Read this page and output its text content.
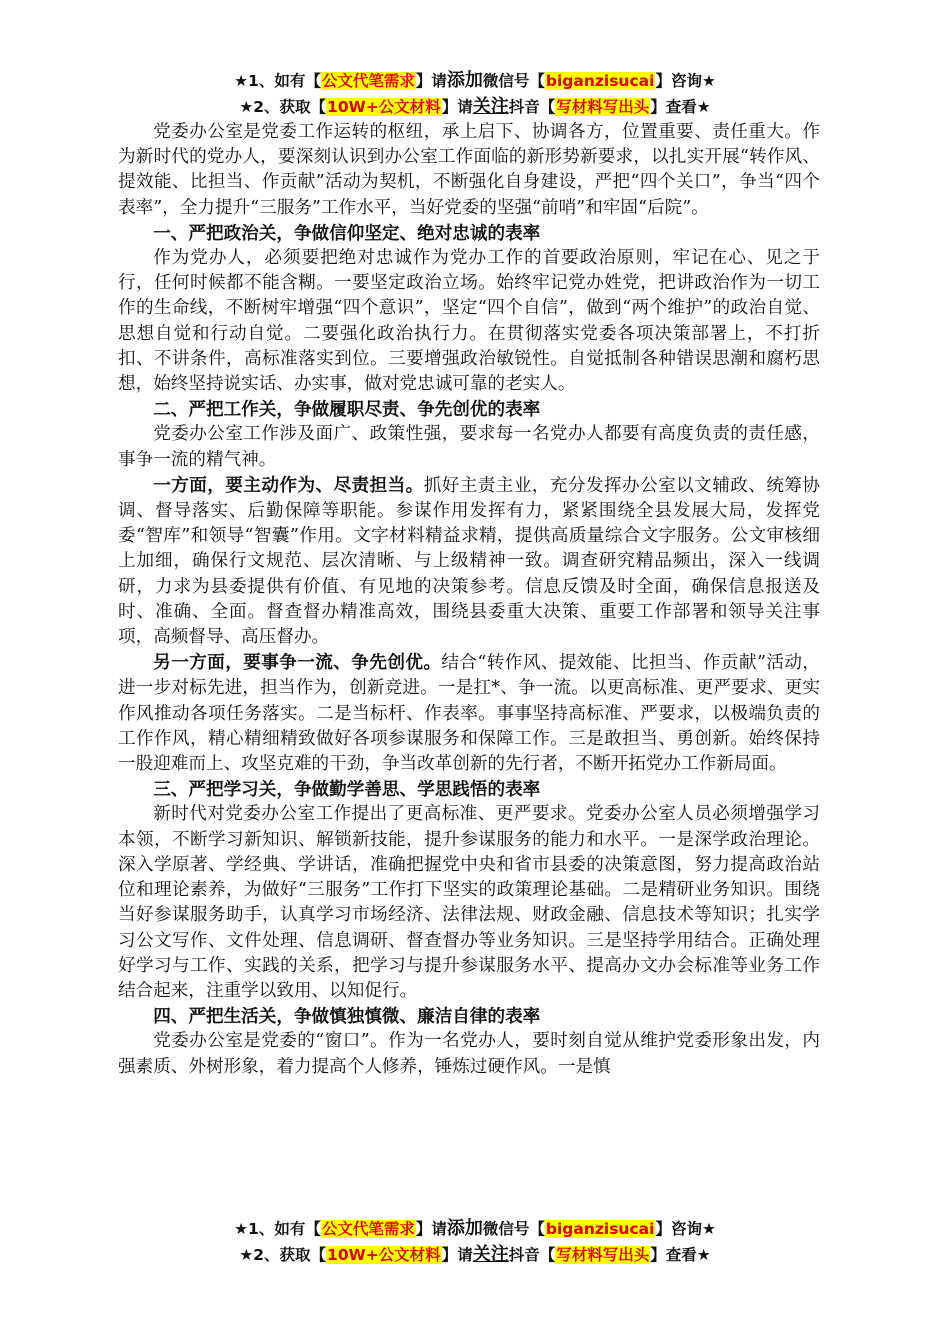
★1、如有【公文代笔需求】请添加微信号【biganzisucai】咨询★
★2、获取【10W+公文材料】请关注抖音【写材料写出头】查看★

党委办公室是党委工作运转的枢纽，承上启下、协调各方，位置重要、责任重大。作为新时代的党办人，要深刻认识到办公室工作面临的新形势新要求，以扎实开展“转作风、提效能、比担当、作贡献”活动为契机，不断强化自身建设，严把“四个关口”，争当“四个表率”，全力提升“三服务”工作水平，当好党委的坚强“前哨”和牢固“后院”。

一、严把政治关，争做信仰坚定、绝对忠诚的表率

作为党办人，必须要把绝对忠诚作为党办工作的首要政治原则，牢记在心、见之于行，任何时候都不能含糊。一要坚定政治立场。始终牢记党办姓党，把讲政治作为一切工作的生命线，不断树牢增强“四个意识”，坚定“四个自信”，做到“两个维护”的政治自觉、思想自觉和行动自觉。二要强化政治执行力。在贯彻落实党委各项决策部署上，不打折扣、不讲条件，高标准落实到位。三要增强政治敏锐性。自觉抵制各种错误思潮和腐朽思想，始终坚持说实话、办实事，做对党忠诚可靠的老实人。

二、严把工作关，争做履职尽责、争先创优的表率

党委办公室工作涉及面广、政策性强，要求每一名党办人都要有高度负责的责任感，事争一流的精气神。

一方面，要主动作为、尽责担当。抓好主责主业，充分发挥办公室以文辅政、统筹协调、督导落实、后勤保障等职能。参谋作用发挥有力，紧紧围绕全县发展大局，发挥党委“智库”和领导“智囊”作用。文字材料精益求精，提供高质量综合文字服务。公文审核细上加细，确保行文规范、层次清晰、与上级精神一致。调查研究精品频出，深入一线调研，力求为县委提供有价值、有见地的决策参考。信息反馈及时全面，确保信息报送及时、准确、全面。督查督办精准高效，围绕县委重大决策、重要工作部署和领导关注事项，高频督导、高压督办。

另一方面，要事争一流、争先创优。结合“转作风、提效能、比担当、作贡献”活动，进一步对标先进，担当作为，创新竞进。一是扛*、争一流。以更高标准、更严要求、更实作风推动各项任务落实。二是当标杆、作表率。事事坚持高标准、严要求，以极端负责的工作作风，精心精细精致做好各项参谋服务和保障工作。三是敢担当、勇创新。始终保持一股迎难而上、攻坚克难的干劲，争当改革创新的先行者，不断开拓党办工作新局面。

三、严把学习关，争做勤学善思、学思践悟的表率

新时代对党委办公室工作提出了更高标准、更严要求。党委办公室人员必须增强学习本领，不断学习新知识、解锁新技能，提升参谋服务的能力和水平。一是深学政治理论。深入学原著、学经典、学讲话，准确把握党中央和省市县委的决策意图，努力提高政治站位和理论素养，为做好“三服务”工作打下坚实的政策理论基础。二是精研业务知识。围绕当好参谋服务助手，认真学习市场经济、法律法规、财政金融、信息技术等知识；扎实学习公文写作、文件处理、信息调研、督查督办等业务知识。三是坚持学用结合。正确处理好学习与工作、实践的关系，把学习与提升参谋服务水平、提高办文办会标准等业务工作结合起来，注重学以致用、以知促行。

四、严把生活关，争做慎独慎微、廉洁自律的表率

党委办公室是党委的“窗口”。作为一名党办人，要时刻自觉从维护党委形象出发，内强素质、外树形象，着力提高个人修养，锤炼过硬作风。一是慎

★1、如有【公文代笔需求】请添加微信号【biganzisucai】咨询★
★2、获取【10W+公文材料】请关注抖音【写材料写出头】查看★
